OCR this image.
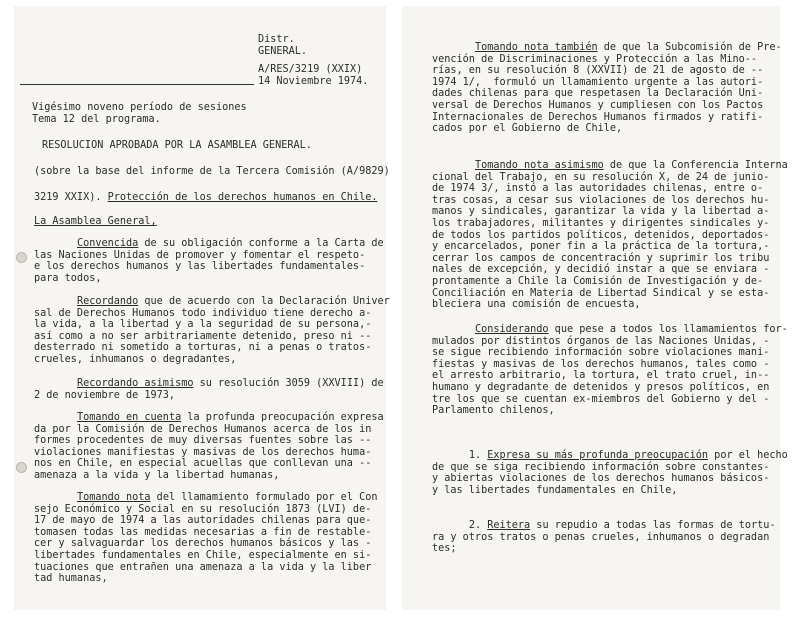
Distr.
GENERAL.
A/RES/3219 (XXIX)
14 Noviembre 1974.
Vigésimo noveno período de sesiones
Tema 12 del programa.
RESOLUCION APROBADA POR LA ASAMBLEA GENERAL.
(sobre la base del informe de la Tercera Comisión (A/9829)
3219 XXIX). Protección de los derechos humanos en Chile.
La Asamblea General,
Convencida de su obligación conforme a la Carta de
las Naciones Unidas de promover y fomentar el respeto-
e los derechos humanos y las libertades fundamentales-
para todos,
Recordando que de acuerdo con la Declaración Univer
sal de Derechos Humanos todo individuo tiene derecho a-
la vida, a la libertad y a la seguridad de su persona,-
así como a no ser arbitrariamente detenido, preso ni --
desterrado ni sometido a torturas, ni a penas o tratos-
crueles, inhumanos o degradantes,
Recordando asimismo su resolución 3059 (XXVIII) de
2 de noviembre de 1973,
Tomando en cuenta la profunda preocupación expresa
da por la Comisión de Derechos Humanos acerca de los in
formes procedentes de muy diversas fuentes sobre las --
violaciones manifiestas y masivas de los derechos huma-
nos en Chile, en especial acuellas que conllevan una --
amenaza a la vida y la libertad humanas,
Tomando nota del llamamiento formulado por el Con
sejo Económico y Social en su resolución 1873 (LVI) de-
17 de mayo de 1974 a las autoridades chilenas para que-
tomasen todas las medidas necesarias a fin de restable-
cer y salvaguardar los derechos humanos básicos y las -
libertades fundamentales en Chile, especialmente en si-
tuaciones que entrañen una amenaza a la vida y la liber
tad humanas,
Tomando nota también de que la Subcomisión de Pre-
vención de Discriminaciones y Protección a las Mino--
rías, en su resolución 8 (XXVII) de 21 de agosto de --
1974 1/,  formuló un llamamiento urgente a las autori-
dades chilenas para que respetasen la Declaración Uni-
versal de Derechos Humanos y cumpliesen con los Pactos
Internacionales de Derechos Humanos firmados y ratifi-
cados por el Gobierno de Chile,
Tomando nota asimismo de que la Conferencia Interna
cional del Trabajo, en su resolución X, de 24 de junio-
de 1974 3/, instó a las autoridades chilenas, entre o-
tras cosas, a cesar sus violaciones de los derechos hu-
manos y sindicales, garantizar la vida y la libertad a-
los trabajadores, militantes y dirigentes sindicales y-
de todos los partidos políticos, detenidos, deportados-
y encarcelados, poner fin a la práctica de la tortura,-
cerrar los campos de concentración y suprimir los tribu
nales de excepción, y decidió instar a que se enviara -
prontamente a Chile la Comisión de Investigación y de-
Conciliación en Materia de Libertad Sindical y se esta-
bleciera una comisión de encuesta,
Considerando que pese a todos los llamamientos for-
mulados por distintos órganos de las Naciones Unidas, -
se sigue recibiendo información sobre violaciones mani-
fiestas y masivas de los derechos humanos, tales como -
el arresto arbitrario, la tortura, el trato cruel, in--
humano y degradante de detenidos y presos políticos, en
tre los que se cuentan ex-miembros del Gobierno y del -
Parlamento chilenos,
1. Expresa su más profunda preocupación por el hecho
de que se siga recibiendo información sobre constantes-
y abiertas violaciones de los derechos humanos básicos-
y las libertades fundamentales en Chile,
2. Reitera su repudio a todas las formas de tortu-
ra y otros tratos o penas crueles, inhumanos o degradan
tes;
